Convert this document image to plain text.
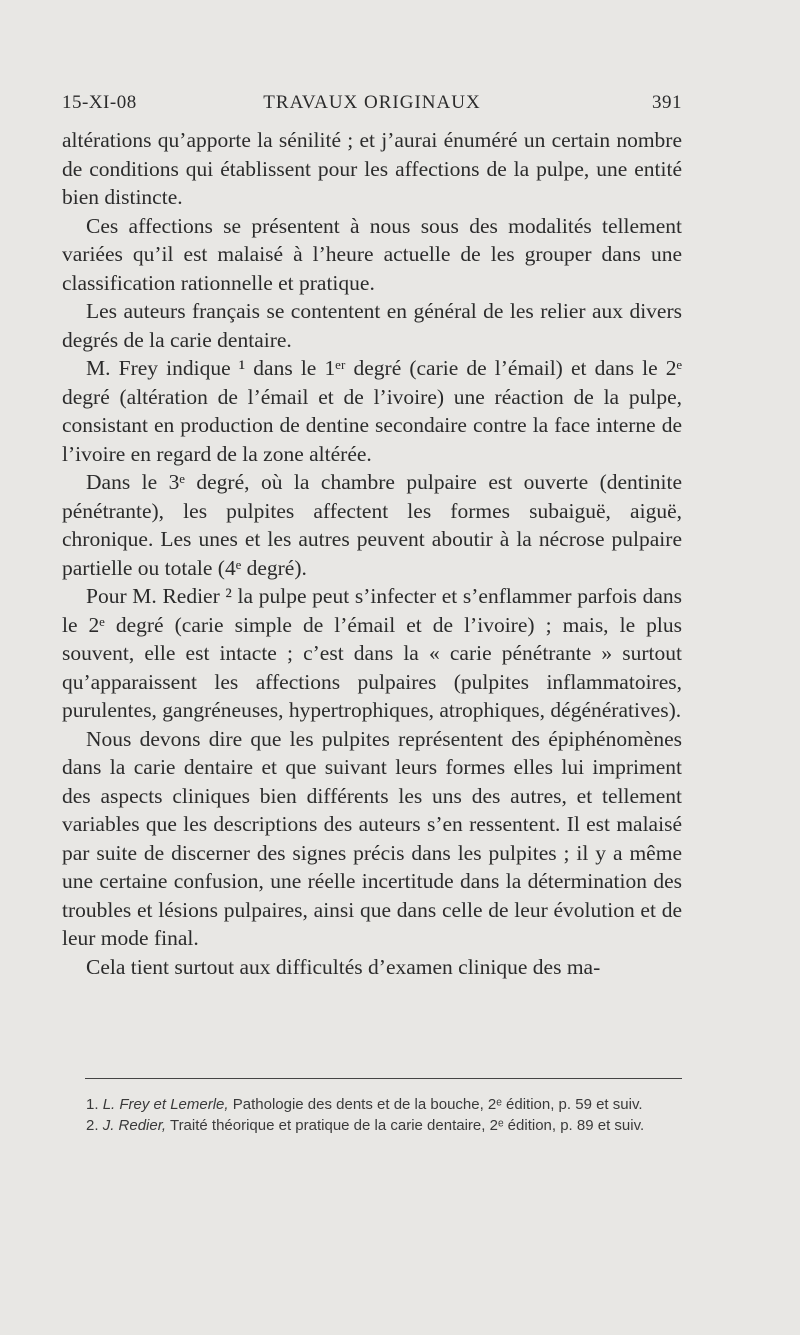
15-XI-08	TRAVAUX ORIGINAUX	391

altérations qu’apporte la sénilité ; et j’aurai énuméré un certain nombre de conditions qui établissent pour les affections de la pulpe, une entité bien distincte.

Ces affections se présentent à nous sous des modalités tellement variées qu’il est malaisé à l’heure actuelle de les grouper dans une classification rationnelle et pratique.

Les auteurs français se contentent en général de les relier aux divers degrés de la carie dentaire.

M. Frey indique ¹ dans le 1ᵉʳ degré (carie de l’émail) et dans le 2ᵉ degré (altération de l’émail et de l’ivoire) une réaction de la pulpe, consistant en production de dentine secondaire contre la face interne de l’ivoire en regard de la zone altérée.

Dans le 3ᵉ degré, où la chambre pulpaire est ouverte (dentinite pénétrante), les pulpites affectent les formes subaiguë, aiguë, chronique. Les unes et les autres peuvent aboutir à la nécrose pulpaire partielle ou totale (4ᵉ degré).

Pour M. Redier ² la pulpe peut s’infecter et s’enflammer parfois dans le 2ᵉ degré (carie simple de l’émail et de l’ivoire) ; mais, le plus souvent, elle est intacte ; c’est dans la « carie pénétrante » surtout qu’apparaissent les affections pulpaires (pulpites inflammatoires, purulentes, gangréneuses, hypertrophiques, atrophiques, dégénératives).

Nous devons dire que les pulpites représentent des épiphénomènes dans la carie dentaire et que suivant leurs formes elles lui impriment des aspects cliniques bien différents les uns des autres, et tellement variables que les descriptions des auteurs s’en ressentent. Il est malaisé par suite de discerner des signes précis dans les pulpites ; il y a même une certaine confusion, une réelle incertitude dans la détermination des troubles et lésions pulpaires, ainsi que dans celle de leur évolution et de leur mode final.

Cela tient surtout aux difficultés d’examen clinique des ma-

1. L. Frey et Lemerle, Pathologie des dents et de la bouche, 2ᵉ édition, p. 59 et suiv.

2. J. Redier, Traité théorique et pratique de la carie dentaire, 2ᵉ édition, p. 89 et suiv.
